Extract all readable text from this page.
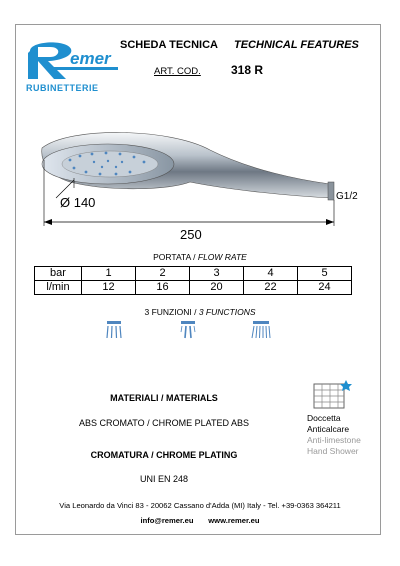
emer
RUBINETTERIE
SCHEDA TECNICA TECHNICAL FEATURES
ART. COD.	318 R
Ø 140	G1/2
250
PORTATA / FLOW RATE
bar	1	2	3	4	5
l/min	12	16	20	22	24
3 FUNZIONI / 3 FUNCTIONS
MATERIALI / MATERIALS
ABS CROMATO / CHROME PLATED ABS
CROMATURA / CHROME PLATING
UNI EN 248
Doccetta
Anticalcare
Anti-limestone
Hand Shower
Via Leonardo da Vinci 83 - 20062 Cassano d'Adda (MI) Italy - Tel. +39-0363 364211
info@remer.eu www.remer.eu
